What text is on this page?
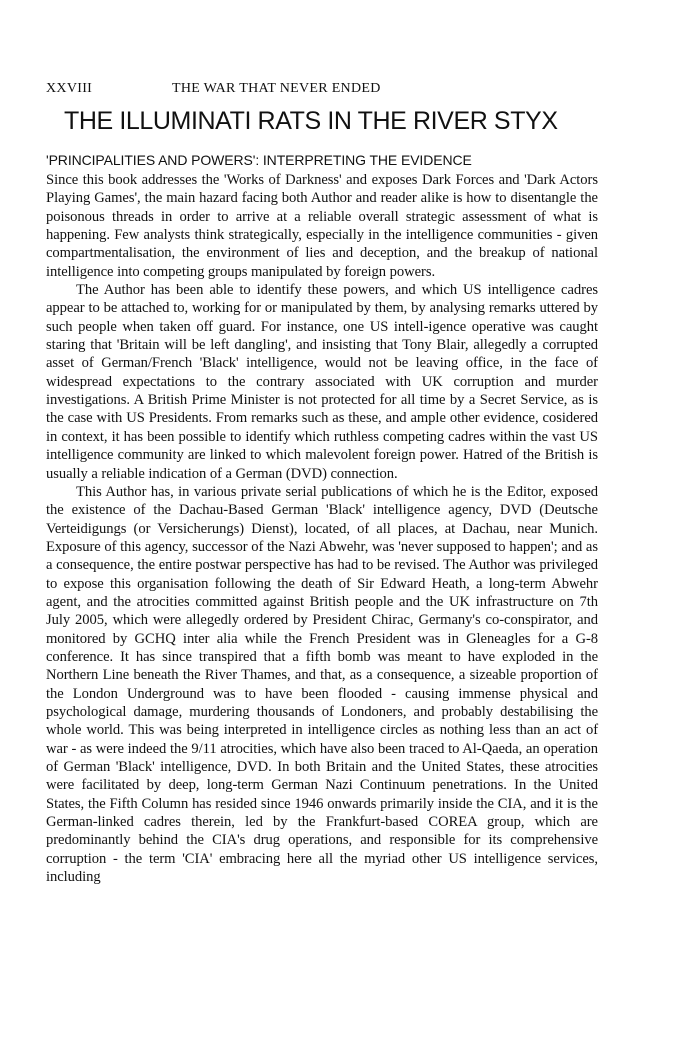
XXVIII	THE WAR THAT NEVER ENDED
THE ILLUMINATI RATS IN THE RIVER STYX
'PRINCIPALITIES AND POWERS': INTERPRETING THE EVIDENCE

Since this book addresses the 'Works of Darkness' and exposes Dark Forces and 'Dark Actors Playing Games', the main hazard facing both Author and reader alike is how to disentangle the poisonous threads in order to arrive at a reliable overall strategic assessment of what is happening. Few analysts think strategically, especially in the intelligence communities - given compartmentalisation, the environment of lies and deception, and the breakup of national intelligence into competing groups manipulated by foreign powers.

The Author has been able to identify these powers, and which US intelligence cadres appear to be attached to, working for or manipulated by them, by analysing remarks uttered by such people when taken off guard. For instance, one US intell-igence operative was caught staring that 'Britain will be left dangling', and insisting that Tony Blair, allegedly a corrupted asset of German/French 'Black' intelligence, would not be leaving office, in the face of widespread expectations to the contrary associated with UK corruption and murder investigations. A British Prime Minister is not protected for all time by a Secret Service, as is the case with US Presidents. From remarks such as these, and ample other evidence, cosidered in context, it has been possible to identify which ruthless competing cadres within the vast US intelligence community are linked to which malevolent foreign power. Hatred of the British is usually a reliable indication of a German (DVD) connection.

This Author has, in various private serial publications of which he is the Editor, exposed the existence of the Dachau-Based German 'Black' intelligence agency, DVD (Deutsche Verteidigungs (or Versicherungs) Dienst), located, of all places, at Dachau, near Munich. Exposure of this agency, successor of the Nazi Abwehr, was 'never supposed to happen'; and as a consequence, the entire postwar perspective has had to be revised. The Author was privileged to expose this organisation following the death of Sir Edward Heath, a long-term Abwehr agent, and the atrocities committed against British people and the UK infrastructure on 7th July 2005, which were allegedly ordered by President Chirac, Germany's co-conspirator, and monitored by GCHQ inter alia while the French President was in Gleneagles for a G-8 conference. It has since transpired that a fifth bomb was meant to have exploded in the Northern Line beneath the River Thames, and that, as a consequence, a sizeable proportion of the London Underground was to have been flooded - causing immense physical and psychological damage, murdering thousands of Londoners, and probably destabilising the whole world. This was being interpreted in intelligence circles as nothing less than an act of war - as were indeed the 9/11 atrocities, which have also been traced to Al-Qaeda, an operation of German 'Black' intelligence, DVD. In both Britain and the United States, these atrocities were facilitated by deep, long-term German Nazi Continuum penetrations. In the United States, the Fifth Column has resided since 1946 onwards primarily inside the CIA, and it is the German-linked cadres therein, led by the Frankfurt-based COREA group, which are predominantly behind the CIA's drug operations, and responsible for its comprehensive corruption - the term 'CIA' embracing here all the myriad other US intelligence services, including
